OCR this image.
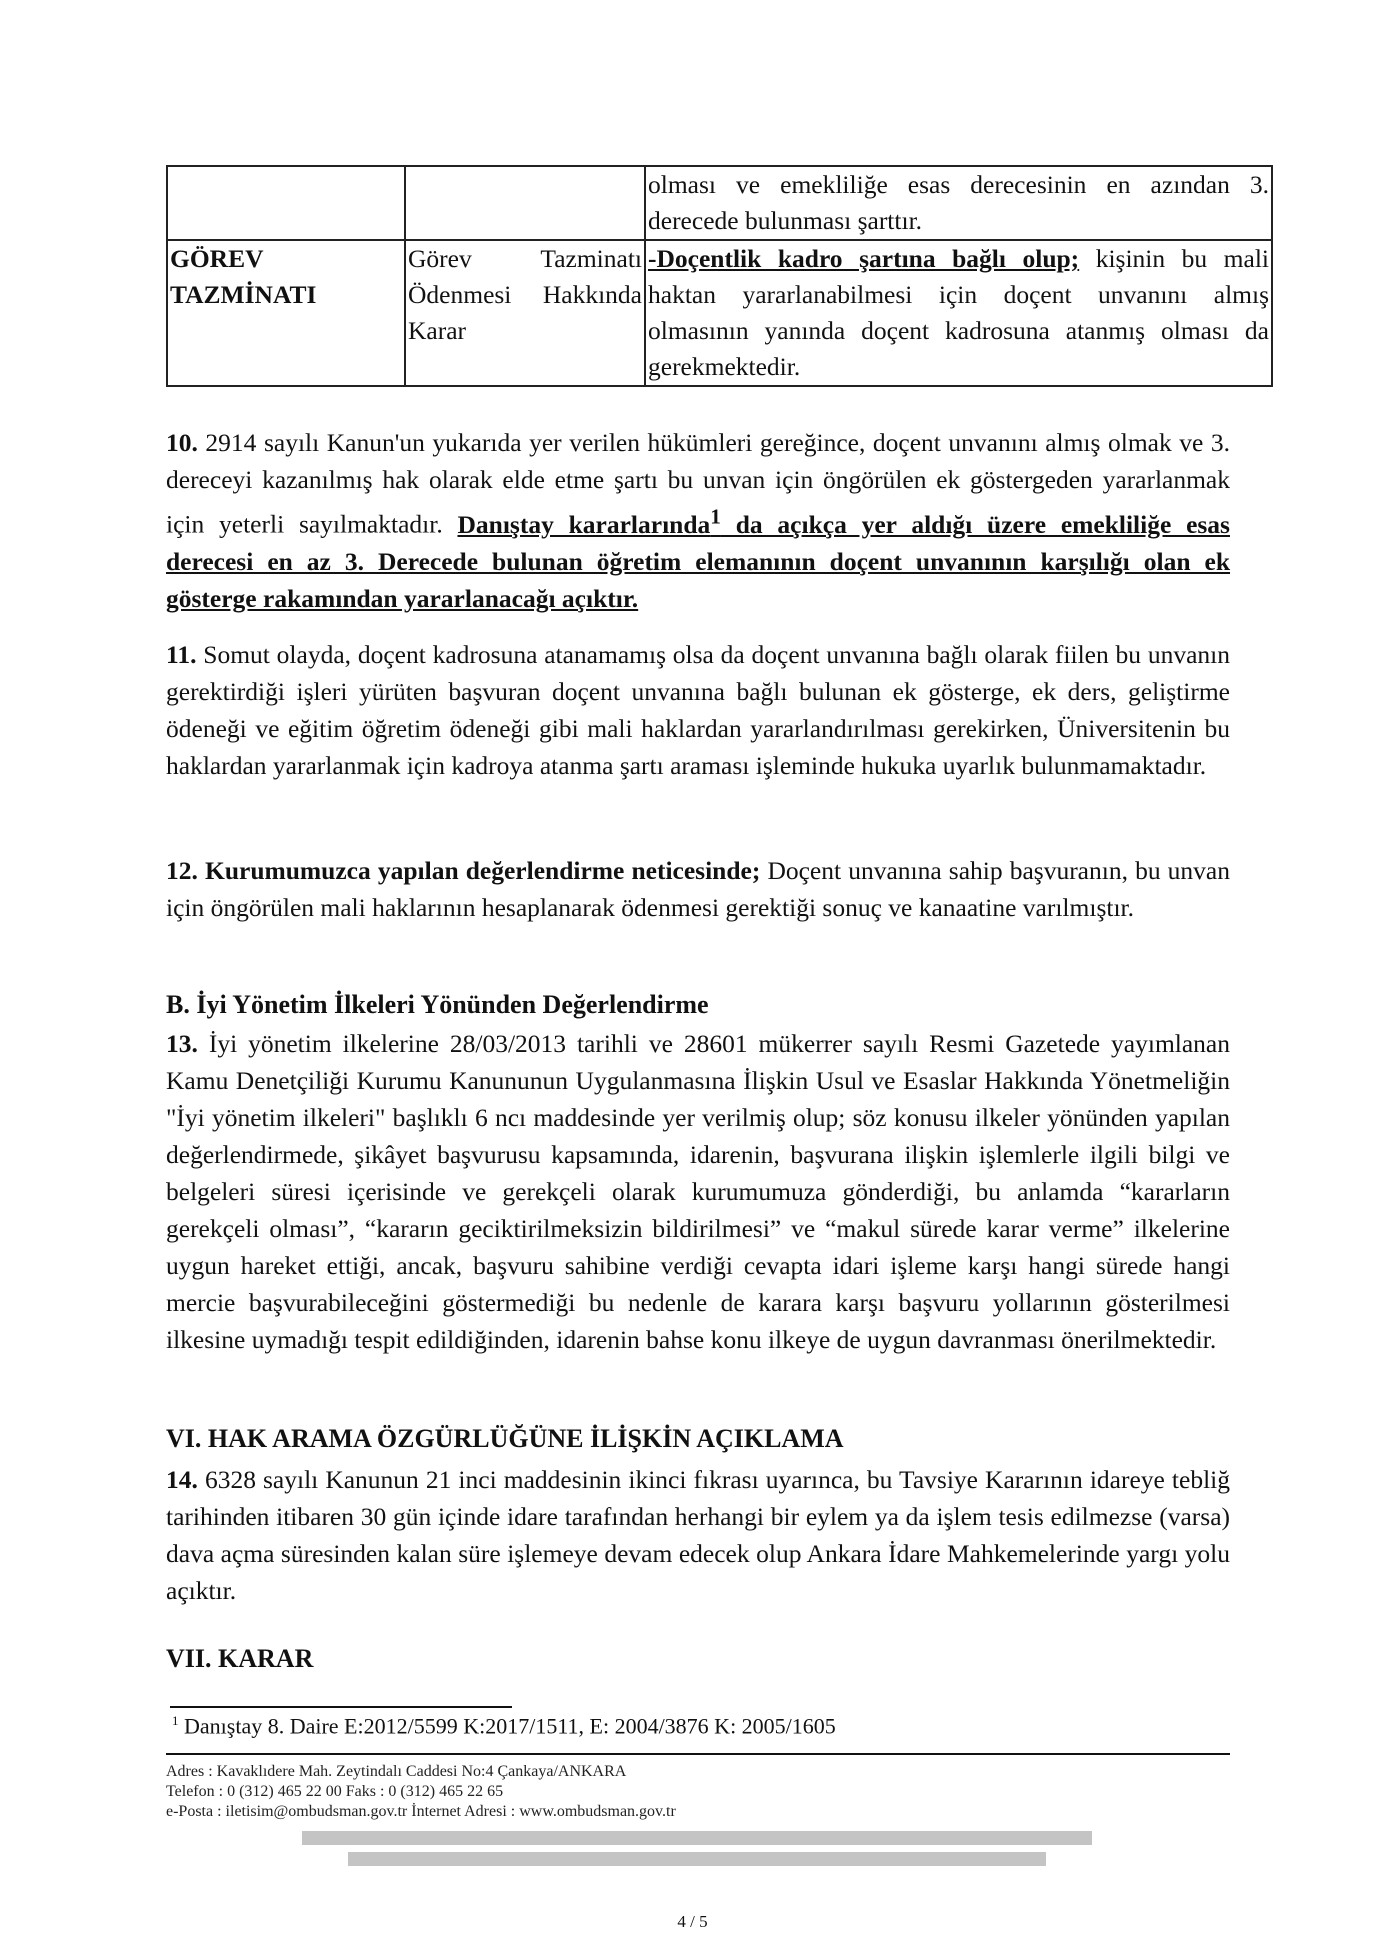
		olması ve emekliliğe esas derecesinin en azından 3.
derecede bulunması şarttır.

GÖREV TAZMİNATI	Görev Tazminatı Ödenmesi Hakkında Karar	-Doçentlik kadro şartına bağlı olup; kişinin bu mali haktan yararlanabilmesi için doçent unvanını almış olmasının yanında doçent kadrosuna atanmış olması da gerekmektedir.
10. 2914 sayılı Kanun'un yukarıda yer verilen hükümleri gereğince, doçent unvanını almış olmak ve 3. dereceyi kazanılmış hak olarak elde etme şartı bu unvan için öngörülen ek göstergeden yararlanmak için yeterli sayılmaktadır. Danıştay kararlarında$^1$ da açıkça yer aldığı üzere emekliliğe esas derecesi en az 3. Derecede bulunan öğretim elemanının doçent unvanının karşılığı olan ek gösterge rakamından yararlanacağı açıktır.
11. Somut olayda, doçent kadrosuna atanamamış olsa da doçent unvanına bağlı olarak fiilen bu unvanın gerektirdiği işleri yürüten başvuran doçent unvanına bağlı bulunan ek gösterge, ek ders, geliştirme ödeneği ve eğitim öğretim ödeneği gibi mali haklardan yararlandırılması gerekirken, Üniversitenin bu haklardan yararlanmak için kadroya atanma şartı araması işleminde hukuka uyarlık bulunmamaktadır.
12. Kurumumuzca yapılan değerlendirme neticesinde; Doçent unvanına sahip başvuranın, bu unvan için öngörülen mali haklarının hesaplanarak ödenmesi gerektiği sonuç ve kanaatine varılmıştır.
B. İyi Yönetim İlkeleri Yönünden Değerlendirme
13. İyi yönetim ilkelerine 28/03/2013 tarihli ve 28601 mükerrer sayılı Resmi Gazetede yayımlanan Kamu Denetçiliği Kurumu Kanununun Uygulanmasına İlişkin Usul ve Esaslar Hakkında Yönetmeliğin "İyi yönetim ilkeleri" başlıklı 6 ncı maddesinde yer verilmiş olup; söz konusu ilkeler yönünden yapılan değerlendirmede, şikâyet başvurusu kapsamında, idarenin, başvurana ilişkin işlemlerle ilgili bilgi ve belgeleri süresi içerisinde ve gerekçeli olarak kurumumuza gönderdiği, bu anlamda “kararların gerekçeli olması”, “kararın geciktirilmeksizin bildirilmesi” ve “makul sürede karar verme” ilkelerine uygun hareket ettiği, ancak, başvuru sahibine verdiği cevapta idari işleme karşı hangi sürede hangi mercie başvurabileceğini göstermediği bu nedenle de karara karşı başvuru yollarının gösterilmesi ilkesine uymadığı tespit edildiğinden, idarenin bahse konu ilkeye de uygun davranması önerilmektedir.
VI. HAK ARAMA ÖZGÜRLÜĞÜNE İLİŞKİN AÇIKLAMA
14. 6328 sayılı Kanunun 21 inci maddesinin ikinci fıkrası uyarınca, bu Tavsiye Kararının idareye tebliğ tarihinden itibaren 30 gün içinde idare tarafından herhangi bir eylem ya da işlem tesis edilmezse (varsa) dava açma süresinden kalan süre işlemeye devam edecek olup Ankara İdare Mahkemelerinde yargı yolu açıktır.
VII. KARAR
$^1$ Danıştay 8. Daire E:2012/5599 K:2017/1511, E: 2004/3876 K: 2005/1605
Adres : Kavaklıdere Mah. Zeytindalı Caddesi No:4 Çankaya/ANKARA
Telefon : 0 (312) 465 22 00 Faks : 0 (312) 465 22 65
e-Posta : iletisim@ombudsman.gov.tr İnternet Adresi : www.ombudsman.gov.tr
4 / 5
